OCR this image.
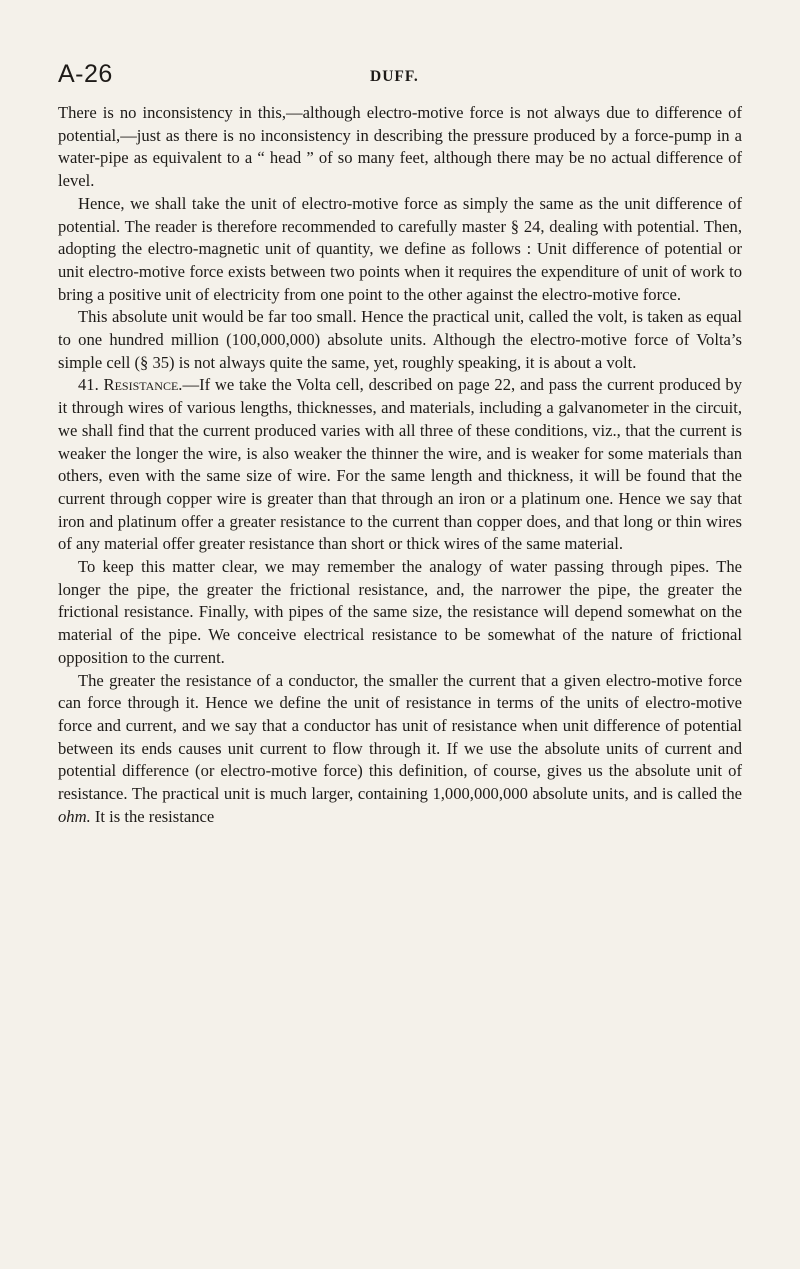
A-26	DUFF.

There is no inconsistency in this,—although electro-motive force is not always due to difference of potential,—just as there is no inconsistency in describing the pressure produced by a force-pump in a water-pipe as equivalent to a “ head ” of so many feet, although there may be no actual difference of level.

Hence, we shall take the unit of electro-motive force as simply the same as the unit difference of potential. The reader is therefore recommended to carefully master § 24, dealing with potential. Then, adopting the electro-magnetic unit of quantity, we define as follows : Unit difference of potential or unit electro-motive force exists between two points when it requires the expenditure of unit of work to bring a positive unit of electricity from one point to the other against the electro-motive force.

This absolute unit would be far too small. Hence the practical unit, called the volt, is taken as equal to one hundred million (100,000,000) absolute units. Although the electro-motive force of Volta’s simple cell (§ 35) is not always quite the same, yet, roughly speaking, it is about a volt.

41. Resistance.—If we take the Volta cell, described on page 22, and pass the current produced by it through wires of various lengths, thicknesses, and materials, including a galvanometer in the circuit, we shall find that the current produced varies with all three of these conditions, viz., that the current is weaker the longer the wire, is also weaker the thinner the wire, and is weaker for some materials than others, even with the same size of wire. For the same length and thickness, it will be found that the current through copper wire is greater than that through an iron or a platinum one. Hence we say that iron and platinum offer a greater resistance to the current than copper does, and that long or thin wires of any material offer greater resistance than short or thick wires of the same material.

To keep this matter clear, we may remember the analogy of water passing through pipes. The longer the pipe, the greater the frictional resistance, and, the narrower the pipe, the greater the frictional resistance. Finally, with pipes of the same size, the resistance will depend somewhat on the material of the pipe. We conceive electrical resistance to be somewhat of the nature of frictional opposition to the current.

The greater the resistance of a conductor, the smaller the current that a given electro-motive force can force through it. Hence we define the unit of resistance in terms of the units of electro-motive force and current, and we say that a conductor has unit of resistance when unit difference of potential between its ends causes unit current to flow through it. If we use the absolute units of current and potential difference (or electro-motive force) this definition, of course, gives us the absolute unit of resistance. The practical unit is much larger, containing 1,000,000,000 absolute units, and is called the ohm. It is the resistance
